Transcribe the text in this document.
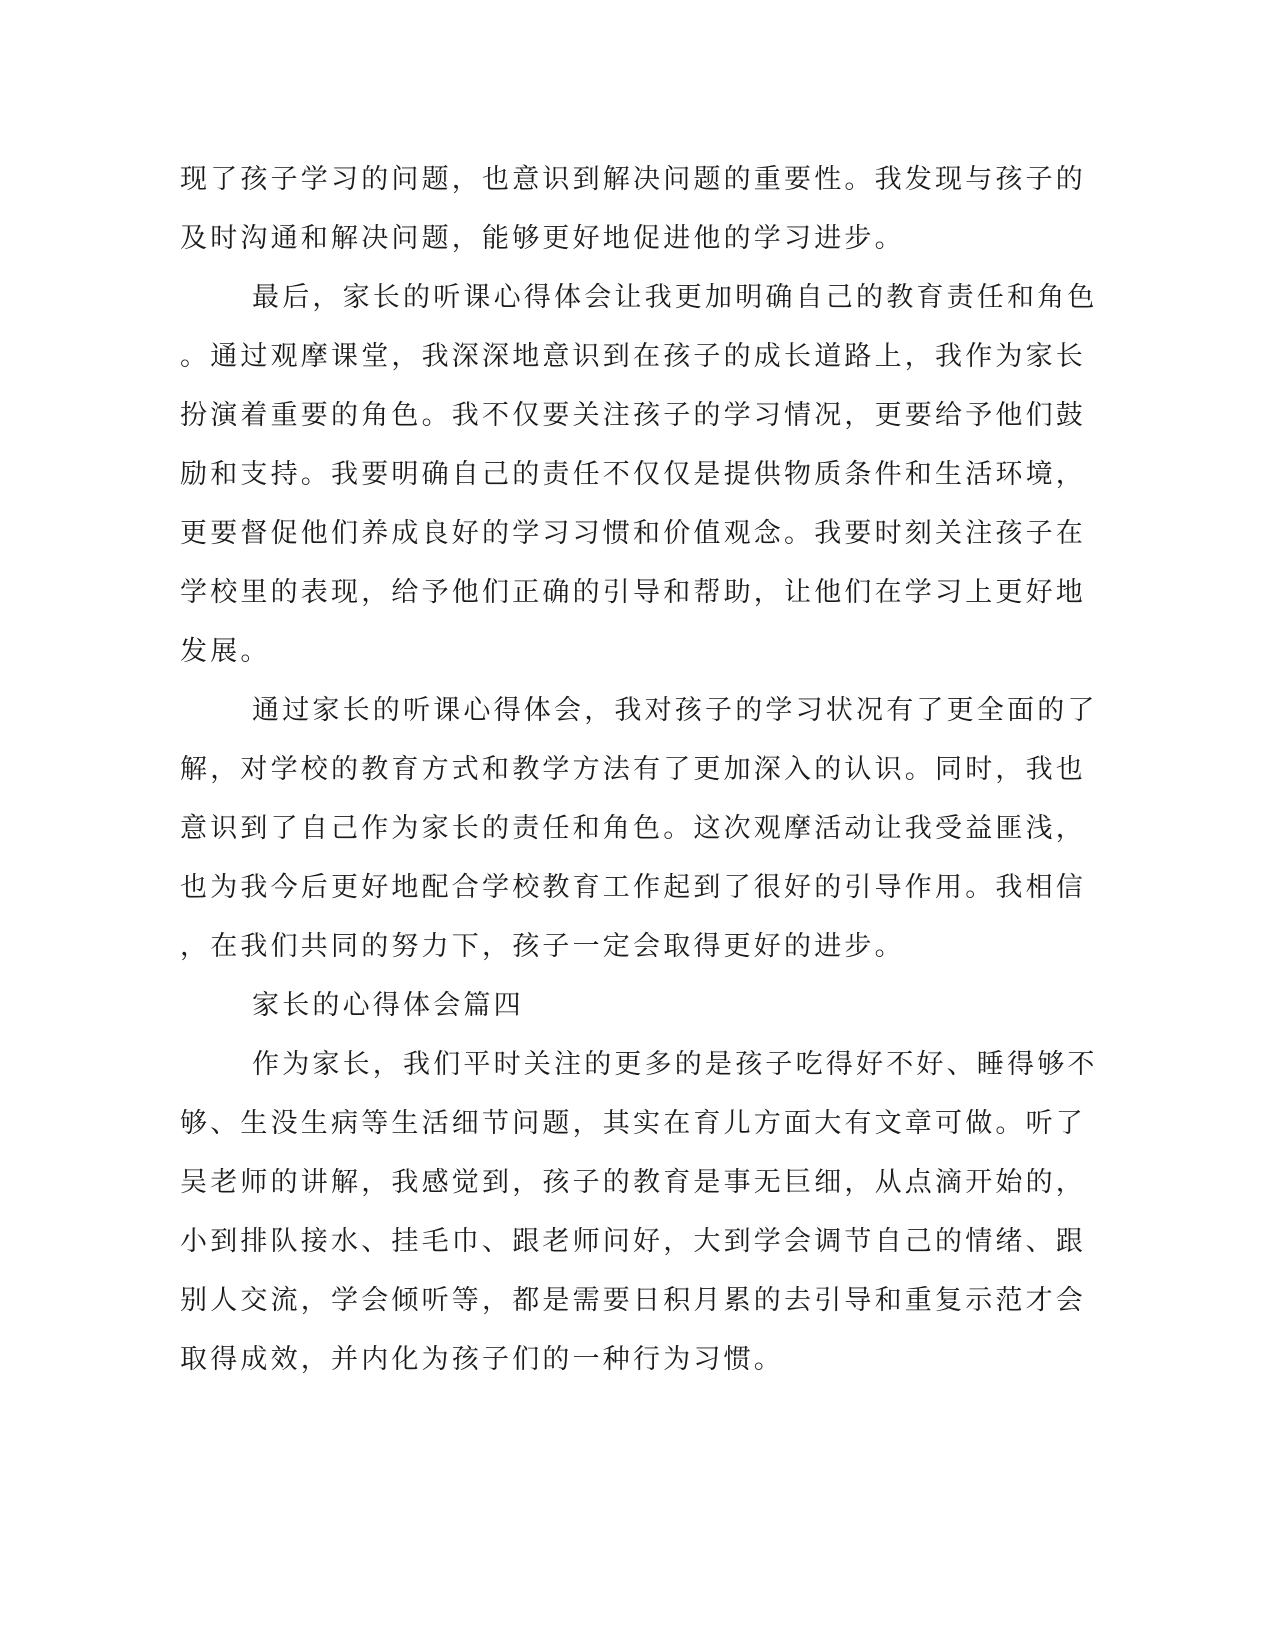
现了孩子学习的问题，也意识到解决问题的重要性。我发现与孩子的
及时沟通和解决问题，能够更好地促进他的学习进步。
最后，家长的听课心得体会让我更加明确自己的教育责任和角色
。通过观摩课堂，我深深地意识到在孩子的成长道路上，我作为家长
扮演着重要的角色。我不仅要关注孩子的学习情况，更要给予他们鼓
励和支持。我要明确自己的责任不仅仅是提供物质条件和生活环境，
更要督促他们养成良好的学习习惯和价值观念。我要时刻关注孩子在
学校里的表现，给予他们正确的引导和帮助，让他们在学习上更好地
发展。
通过家长的听课心得体会，我对孩子的学习状况有了更全面的了
解，对学校的教育方式和教学方法有了更加深入的认识。同时，我也
意识到了自己作为家长的责任和角色。这次观摩活动让我受益匪浅，
也为我今后更好地配合学校教育工作起到了很好的引导作用。我相信
，在我们共同的努力下，孩子一定会取得更好的进步。
家长的心得体会篇四
作为家长，我们平时关注的更多的是孩子吃得好不好、睡得够不
够、生没生病等生活细节问题，其实在育儿方面大有文章可做。听了
吴老师的讲解，我感觉到，孩子的教育是事无巨细，从点滴开始的，
小到排队接水、挂毛巾、跟老师问好，大到学会调节自己的情绪、跟
别人交流，学会倾听等，都是需要日积月累的去引导和重复示范才会
取得成效，并内化为孩子们的一种行为习惯。
